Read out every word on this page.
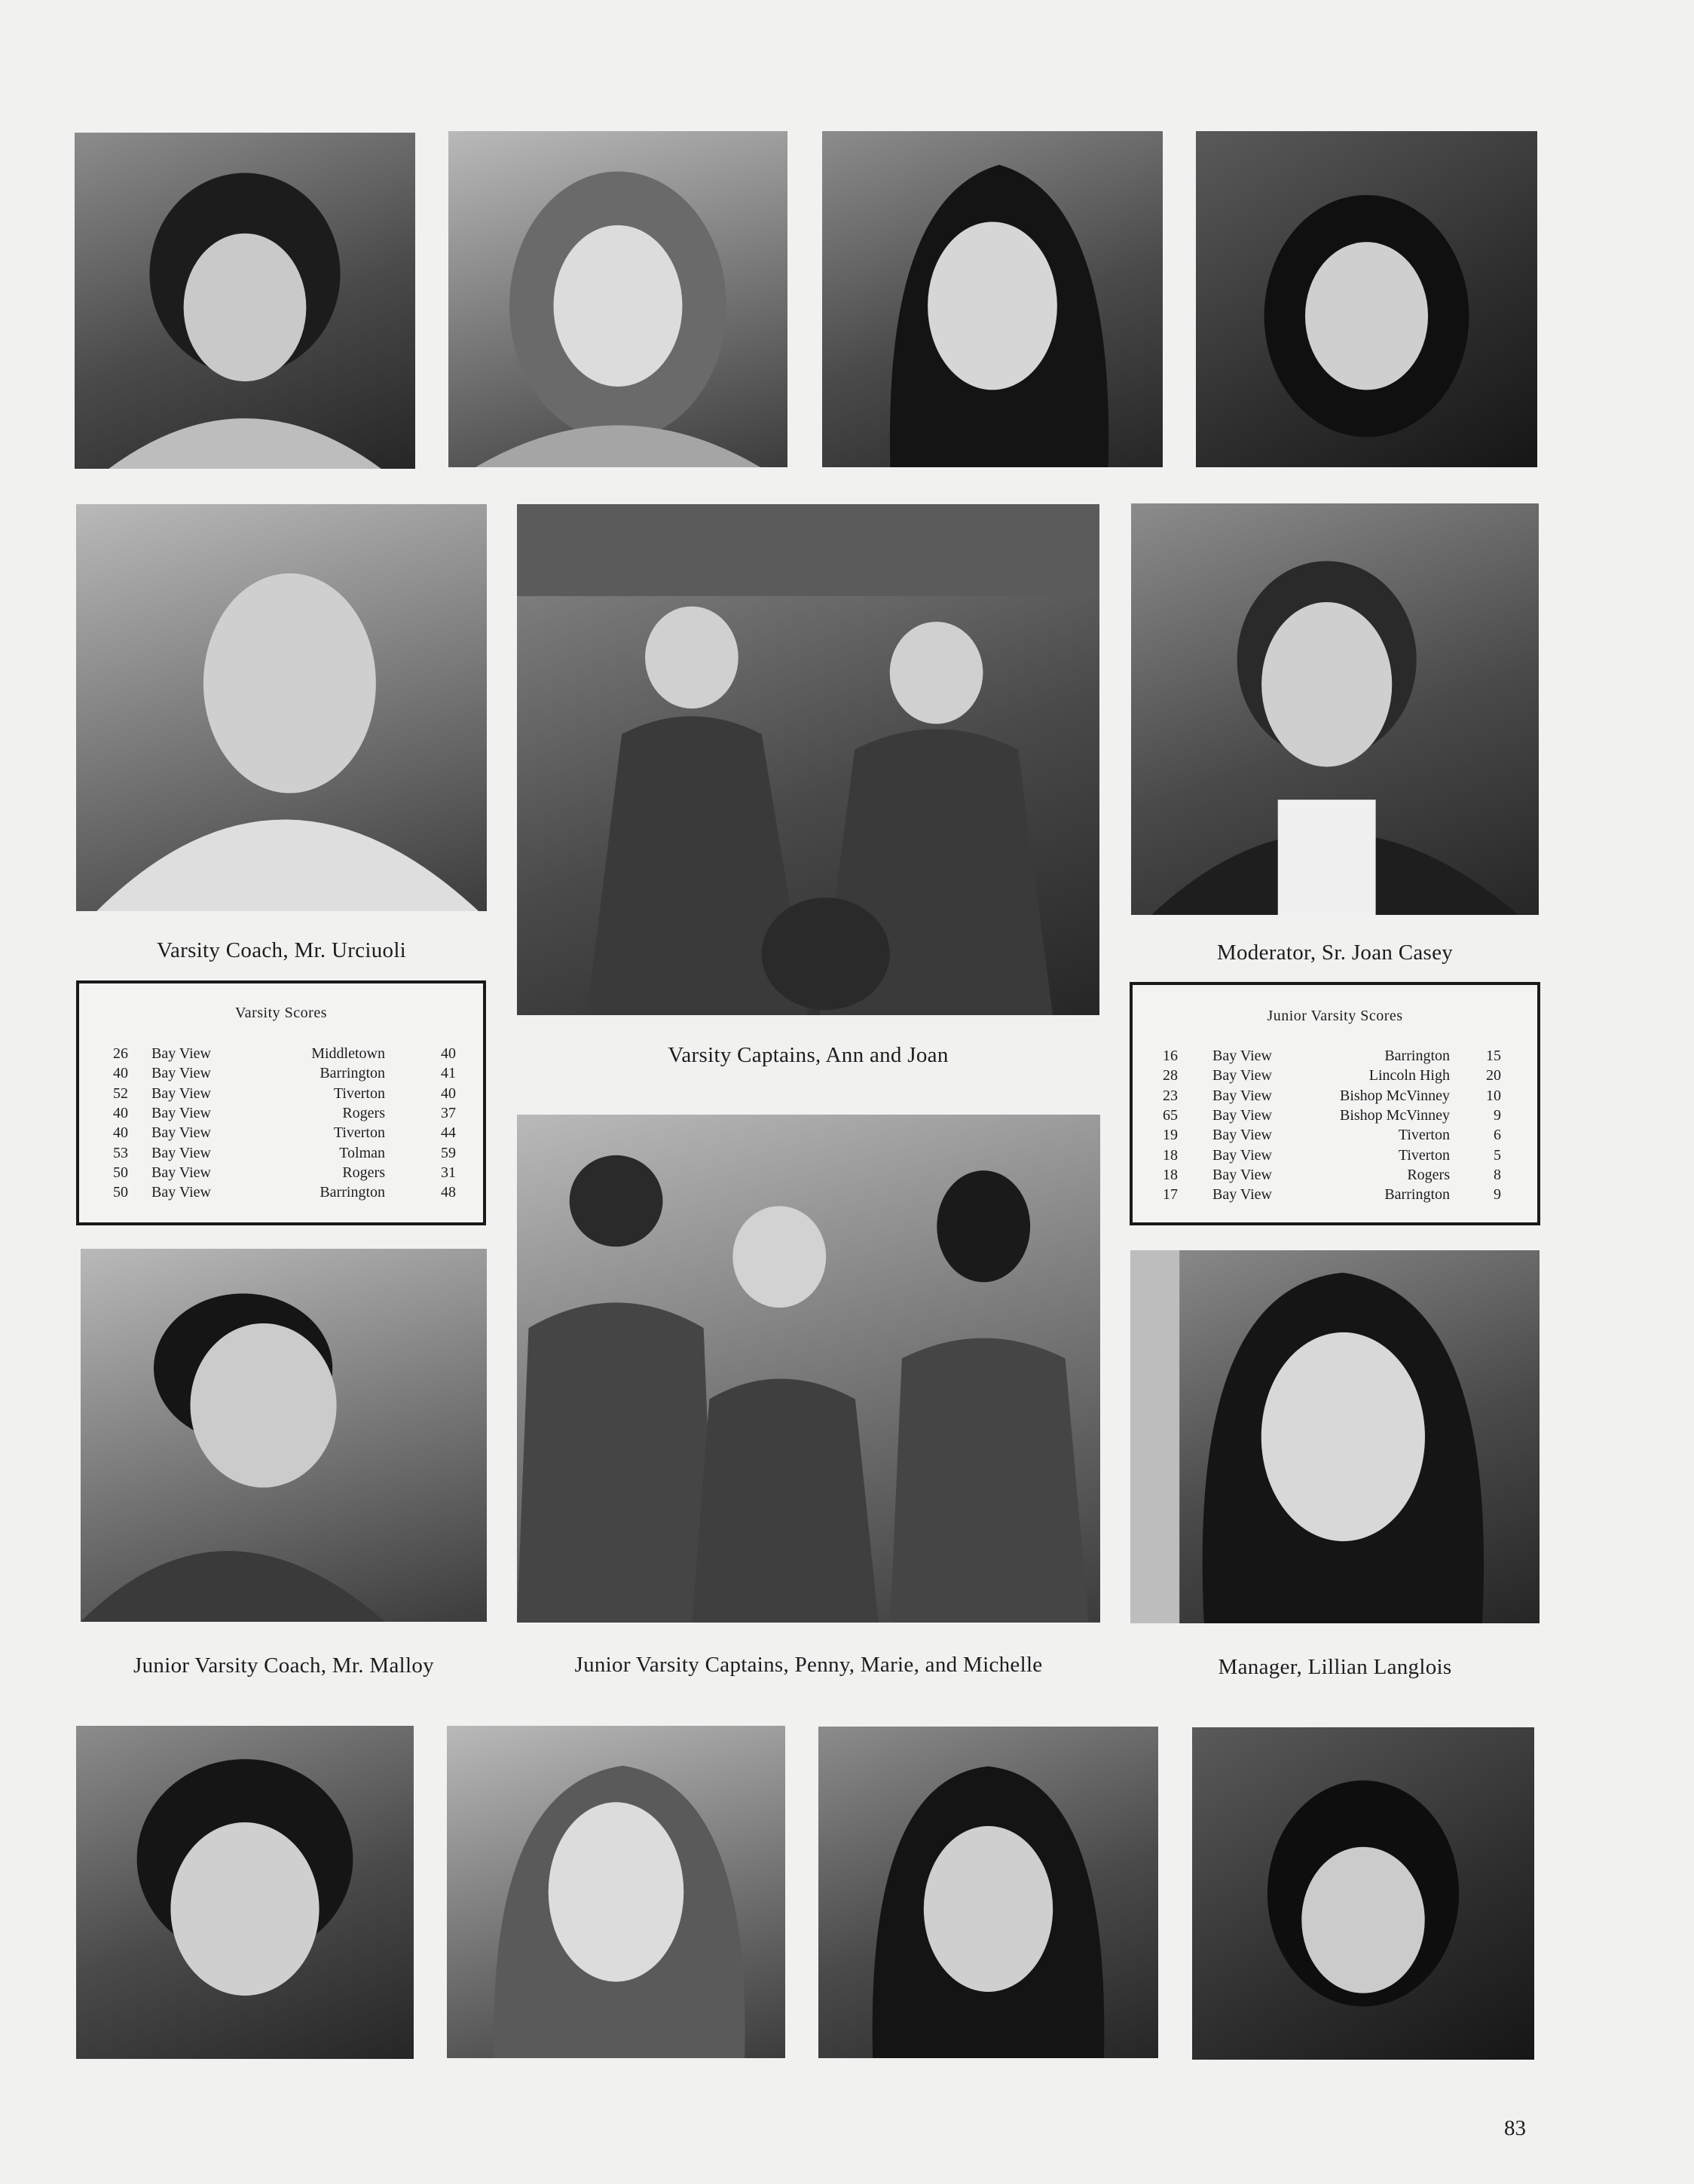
Varsity Coach, Mr. Urciuoli
Varsity Captains, Ann and Joan
Moderator, Sr. Joan Casey
Varsity Scores
26 Bay View	Middletown	40
40 Bay View	Barrington	41
52 Bay View	Tiverton	40
40 Bay View	Rogers	37
40 Bay View	Tiverton	44
53 Bay View	Tolman	59
50 Bay View	Rogers	31
50 Bay View	Barrington	48
Junior Varsity Scores
16 Bay View	Barrington 15
28 Bay View	Lincoln High 20
23 Bay View	Bishop McVinney 10
65 Bay View	Bishop McVinney	9
19 Bay View	Tiverton	6
18 Bay View	Tiverton	5
18 Bay View	Rogers	8
17 Bay View	Barrington	9
Junior Varsity Coach, Mr. Malloy	Junior Varsity Captains, Penny, Marie, and Michelle	Manager, Lillian Langlois
83
